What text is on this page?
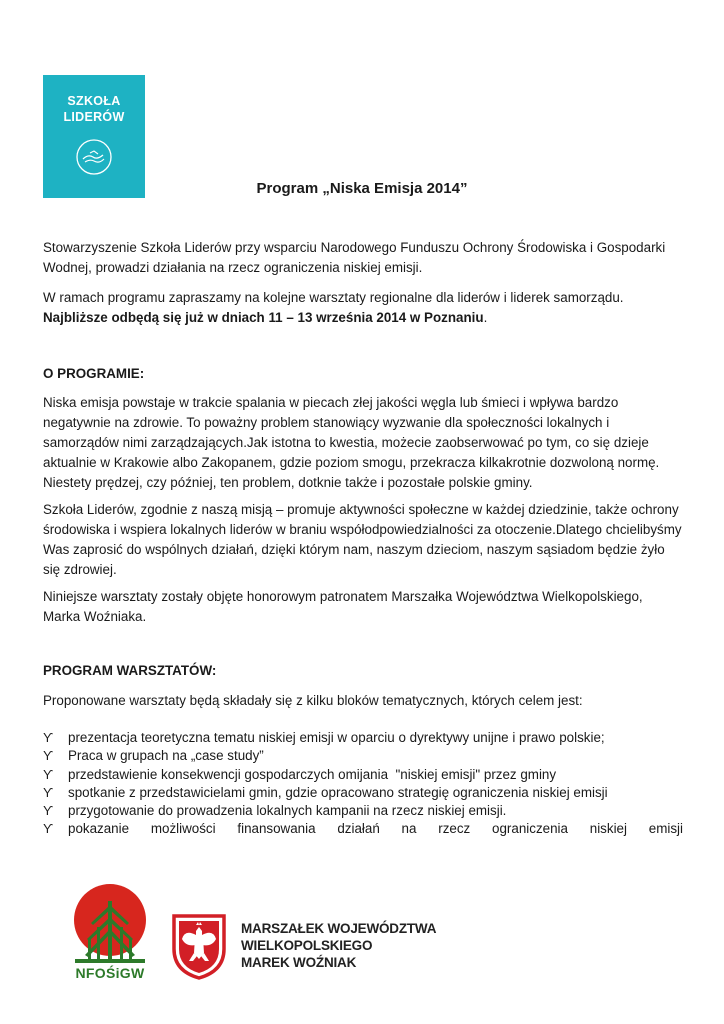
SZKOŁA
LIDERÓW
Program „Niska Emisja 2014”

Stowarzyszenie Szkoła Liderów przy wsparciu Narodowego Funduszu Ochrony Środowiska i Gospodarki Wodnej, prowadzi działania na rzecz ograniczenia niskiej emisji.

W ramach programu zapraszamy na kolejne warsztaty regionalne dla liderów i liderek samorządu.
Najbliższe odbędą się już w dniach 11 – 13 września 2014 w Poznaniu.

O PROGRAMIE:

Niska emisja powstaje w trakcie spalania w piecach złej jakości węgla lub śmieci i wpływa bardzo negatywnie na zdrowie. To poważny problem stanowiący wyzwanie dla społeczności lokalnych i samorządów nimi zarządzających.Jak istotna to kwestia, możecie zaobserwować po tym, co się dzieje aktualnie w Krakowie albo Zakopanem, gdzie poziom smogu, przekracza kilkakrotnie dozwoloną normę. Niestety prędzej, czy później, ten problem, dotknie także i pozostałe polskie gminy.

Szkoła Liderów, zgodnie z naszą misją – promuje aktywności społeczne w każdej dziedzinie, także ochrony środowiska i wspiera lokalnych liderów w braniu współodpowiedzialności za otoczenie.Dlatego chcielibyśmy Was zaprosić do wspólnych działań, dzięki którym nam, naszym dzieciom, naszym sąsiadom będzie żyło się zdrowiej.

Niniejsze warsztaty zostały objęte honorowym patronatem Marszałka Województwa Wielkopolskiego, Marka Woźniaka.

PROGRAM WARSZTATÓW:

Proponowane warsztaty będą składały się z kilku bloków tematycznych, których celem jest:

ϒ prezentacja teoretyczna tematu niskiej emisji w oparciu o dyrektywy unijne i prawo polskie;
ϒ Praca w grupach na „case study”
ϒ przedstawienie konsekwencji gospodarczych omijania  "niskiej emisji" przez gminy
ϒ spotkanie z przedstawicielami gmin, gdzie opracowano strategię ograniczenia niskiej emisji
ϒ przygotowanie do prowadzenia lokalnych kampanii na rzecz niskiej emisji.
ϒ pokazanie możliwości finansowania działań na rzecz ograniczenia niskiej emisji
NFOŚiGW
MARSZAŁEK WOJEWÓDZTWA
WIELKOPOLSKIEGO
MAREK WOŹNIAK
